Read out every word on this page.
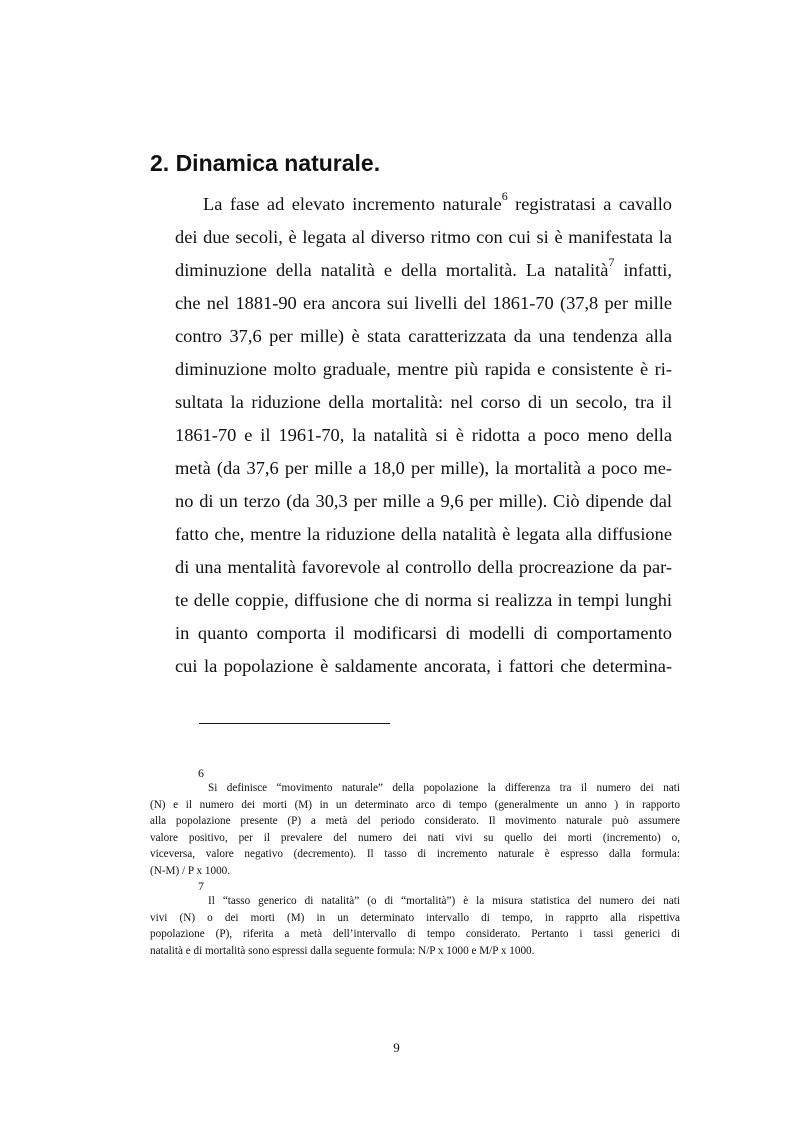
2. Dinamica naturale.
La fase ad elevato incremento naturale$^6$ registratasi a cavallo
dei due secoli, è legata al diverso ritmo con cui si è manifestata la
diminuzione della natalità e della mortalità. La natalità$^7$ infatti,
che nel 1881-90 era ancora sui livelli del 1861-70 (37,8 per mille
contro 37,6 per mille) è stata caratterizzata da una tendenza alla
diminuzione molto graduale, mentre più rapida e consistente è ri-
sultata la riduzione della mortalità: nel corso di un secolo, tra il
1861-70 e il 1961-70, la natalità si è ridotta a poco meno della
metà (da 37,6 per mille a 18,0 per mille), la mortalità a poco me-
no di un terzo (da 30,3 per mille a 9,6 per mille). Ciò dipende dal
fatto che, mentre la riduzione della natalità è legata alla diffusione
di una mentalità favorevole al controllo della procreazione da par-
te delle coppie, diffusione che di norma si realizza in tempi lunghi
in quanto comporta il modificarsi di modelli di comportamento
cui la popolazione è saldamente ancorata, i fattori che determina-
6
Si definisce “movimento naturale” della popolazione la differenza tra il numero dei nati
(N) e il numero dei morti (M) in un determinato arco di tempo (generalmente un anno ) in rapporto
alla popolazione presente (P) a metà del periodo considerato. Il movimento naturale può assumere
valore positivo, per il prevalere del numero dei nati vivi su quello dei morti (incremento) o,
viceversa, valore negativo (decremento). Il tasso di incremento naturale è espresso dalla formula:
(N-M) / P x 1000.
7
Il “tasso generico di natalità” (o di “mortalità”) è la misura statistica del numero dei nati
vivi (N) o dei morti (M) in un determinato intervallo di tempo, in rapprto alla rispettiva
popolazione (P), riferita a metà dell’intervallo di tempo considerato. Pertanto i tassi generici di
natalità e di mortalità sono espressi dalla seguente formula: N/P x 1000 e M/P x 1000.
9
